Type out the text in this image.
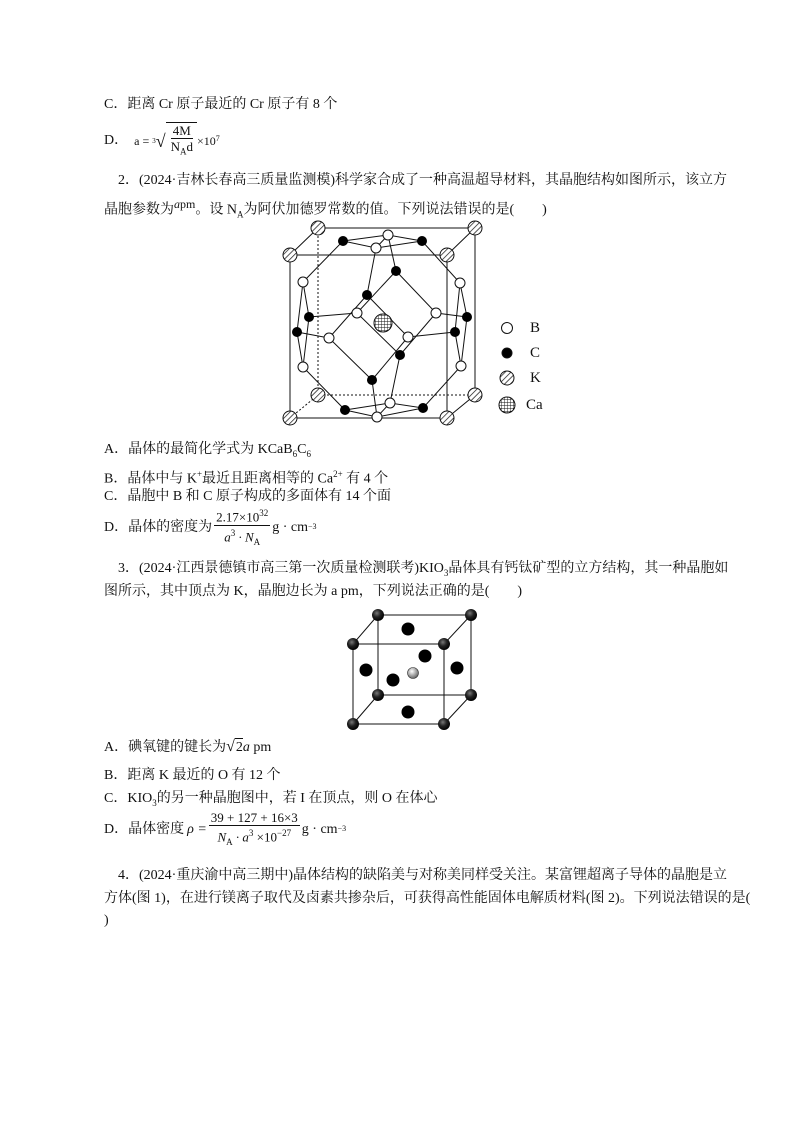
C．距离 Cr 原子最近的 Cr 原子有 8 个
D． a = 3 √ $\frac{4M}{N_Ad} \times 10$ 7
2．(2024·吉林长春高三质量监测模)科学家合成了一种高温超导材料，其晶胞结构如图所示，该立方
晶胞参数为$^{apm}$。设 $N_A$为阿伏加德罗常数的值。下列说法错误的是( )
B
C
K
Ca
A．晶体的最简化学式为 $KCaB_6C_6$
B．晶体中与 K+最近且距离相等的 $Ca^{2+}$ 有 4 个
C．晶胞中 B 和 C 原子构成的多面体有 14 个面
D．晶体的密度为 $\frac{2.17\times 10^{32}}{a^3 \cdot N_A}$ g · cm −3
3．(2024·江西景德镇市高三第一次质量检测联考)$KIO_3$晶体具有钙钛矿型的立方结构，其一种晶胞如
图所示，其中顶点为 K，晶胞边长为 a pm，下列说法正确的是( )
A．碘氧键的键长为√2a pm
B．距离 K 最近的 O 有 12 个
C．$KIO_3$的另一种晶胞图中，若 I 在顶点，则 O 在体心
D．晶体密度 $\rho = \frac{39 + 127 + 16\times 3}{N_A \cdot a^3 \times 10^{-27}}$ g · cm −3
4．(2024·重庆渝中高三期中)晶体结构的缺陷美与对称美同样受关注。某富锂超离子导体的晶胞是立
方体(图 1)，在进行镁离子取代及卤素共掺杂后，可获得高性能固体电解质材料(图 2)。下列说法错误的是(
)
